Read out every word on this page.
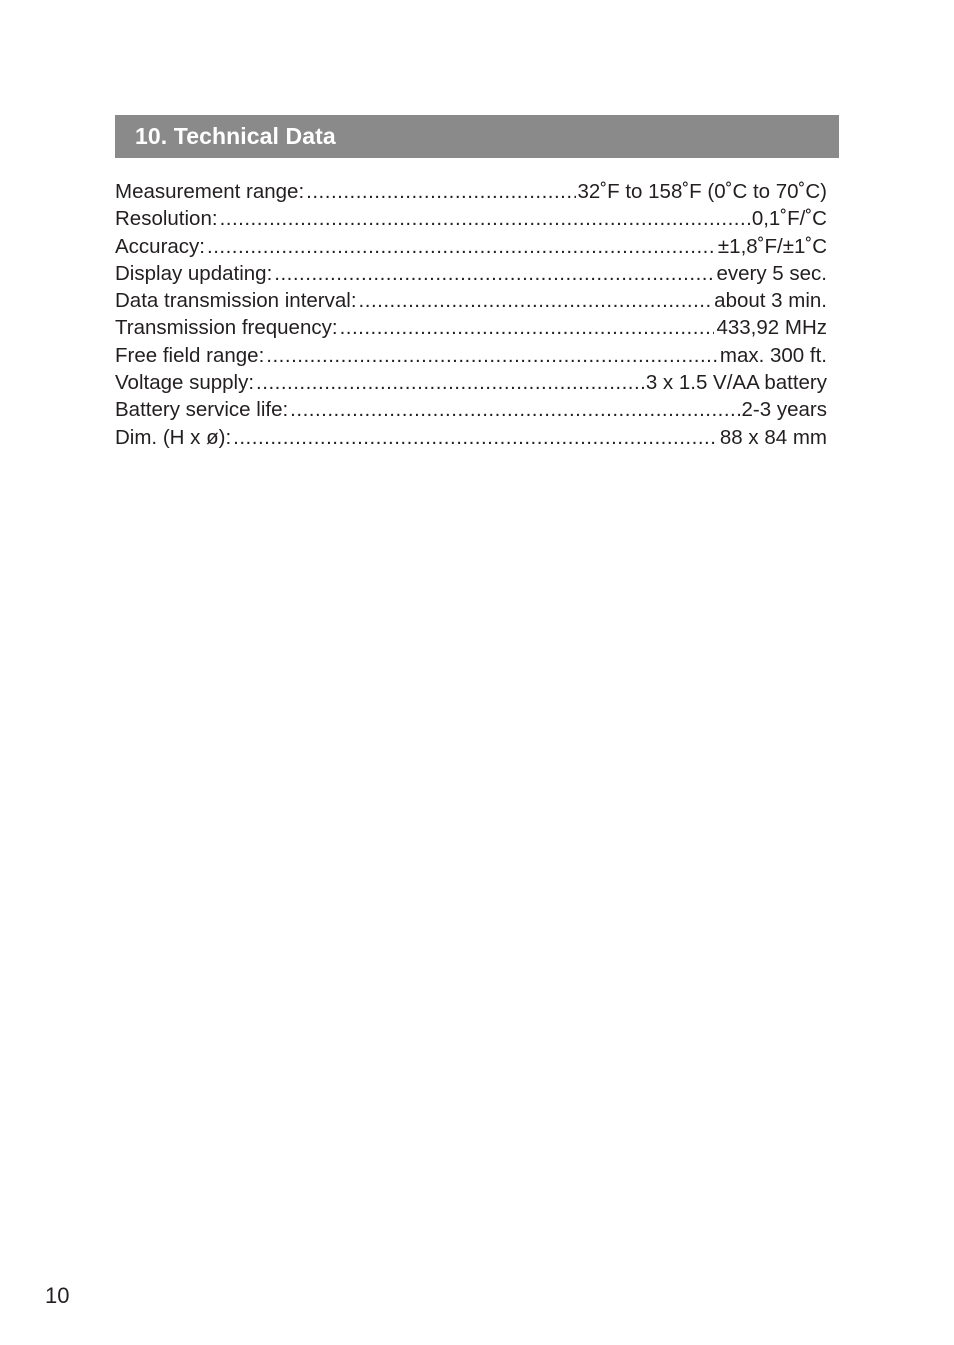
10. Technical Data
Measurement range: .....	32˚F to 158˚F (0˚C to 70˚C)
Resolution: .....	0,1˚F/˚C
Accuracy: .....	±1,8˚F/±1˚C
Display updating: .....	every 5 sec.
Data transmission interval: .....	about 3 min.
Transmission frequency: .....	433,92 MHz
Free field range: .....	max. 300 ft.
Voltage supply: .....	3 x 1.5 V/AA battery
Battery service life: .....	2-3 years
Dim. (H x ø): .....	88 x 84 mm
10
